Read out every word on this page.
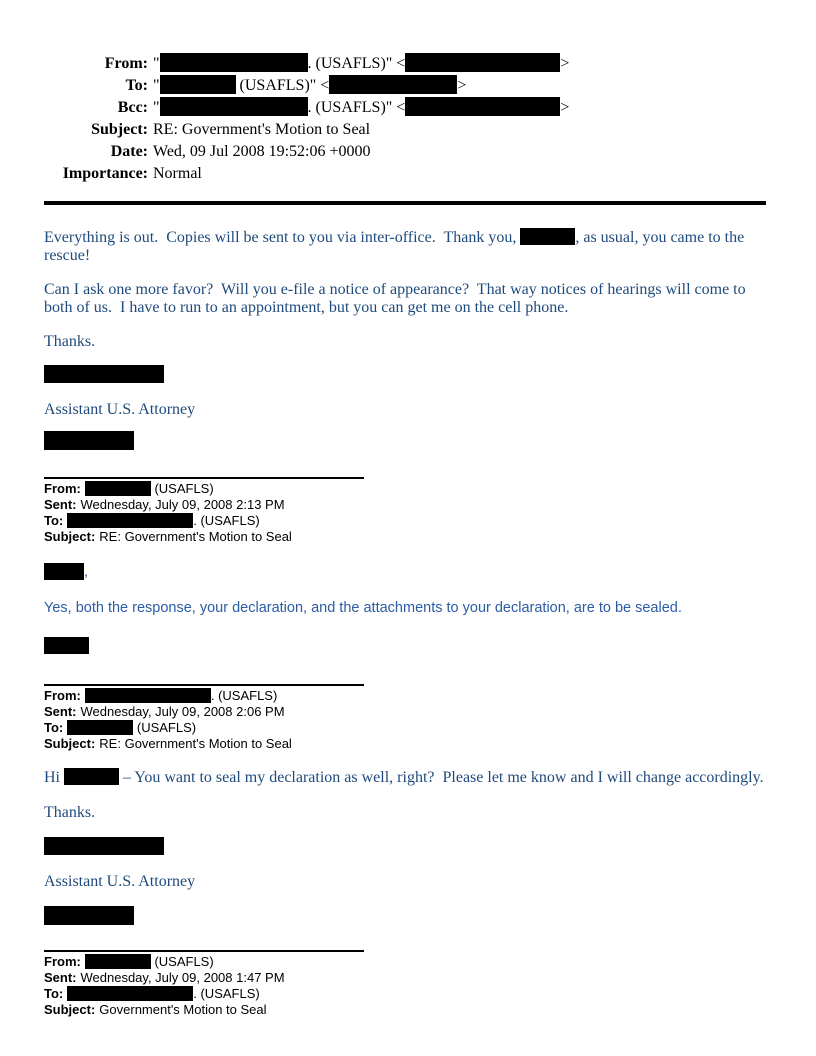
From: "	. (USAFLS)" <	>
To: "	(USAFLS)" <	>
Bcc: "	. (USAFLS)" <	>
Subject: RE: Government's Motion to Seal
Date: Wed, 09 Jul 2008 19:52:06 +0000
Importance: Normal
Everything is out.  Copies will be sent to you via inter-office.  Thank you,	, as usual, you came to the rescue!
Can I ask one more favor?  Will you e-file a notice of appearance?  That way notices of hearings will come to both of us.  I have to run to an appointment, but you can get me on the cell phone.
Thanks.
Assistant U.S. Attorney
From:	(USAFLS)
Sent: Wednesday, July 09, 2008 2:13 PM
To:	. (USAFLS)
Subject: RE: Government's Motion to Seal
,
Yes, both the response, your declaration, and the attachments to your declaration, are to be sealed.
From:	. (USAFLS)
Sent: Wednesday, July 09, 2008 2:06 PM
To:	(USAFLS)
Subject: RE: Government's Motion to Seal
Hi	– You want to seal my declaration as well, right?  Please let me know and I will change accordingly.
Thanks.
Assistant U.S. Attorney
From:	(USAFLS)
Sent: Wednesday, July 09, 2008 1:47 PM
To:	. (USAFLS)
Subject: Government's Motion to Seal
